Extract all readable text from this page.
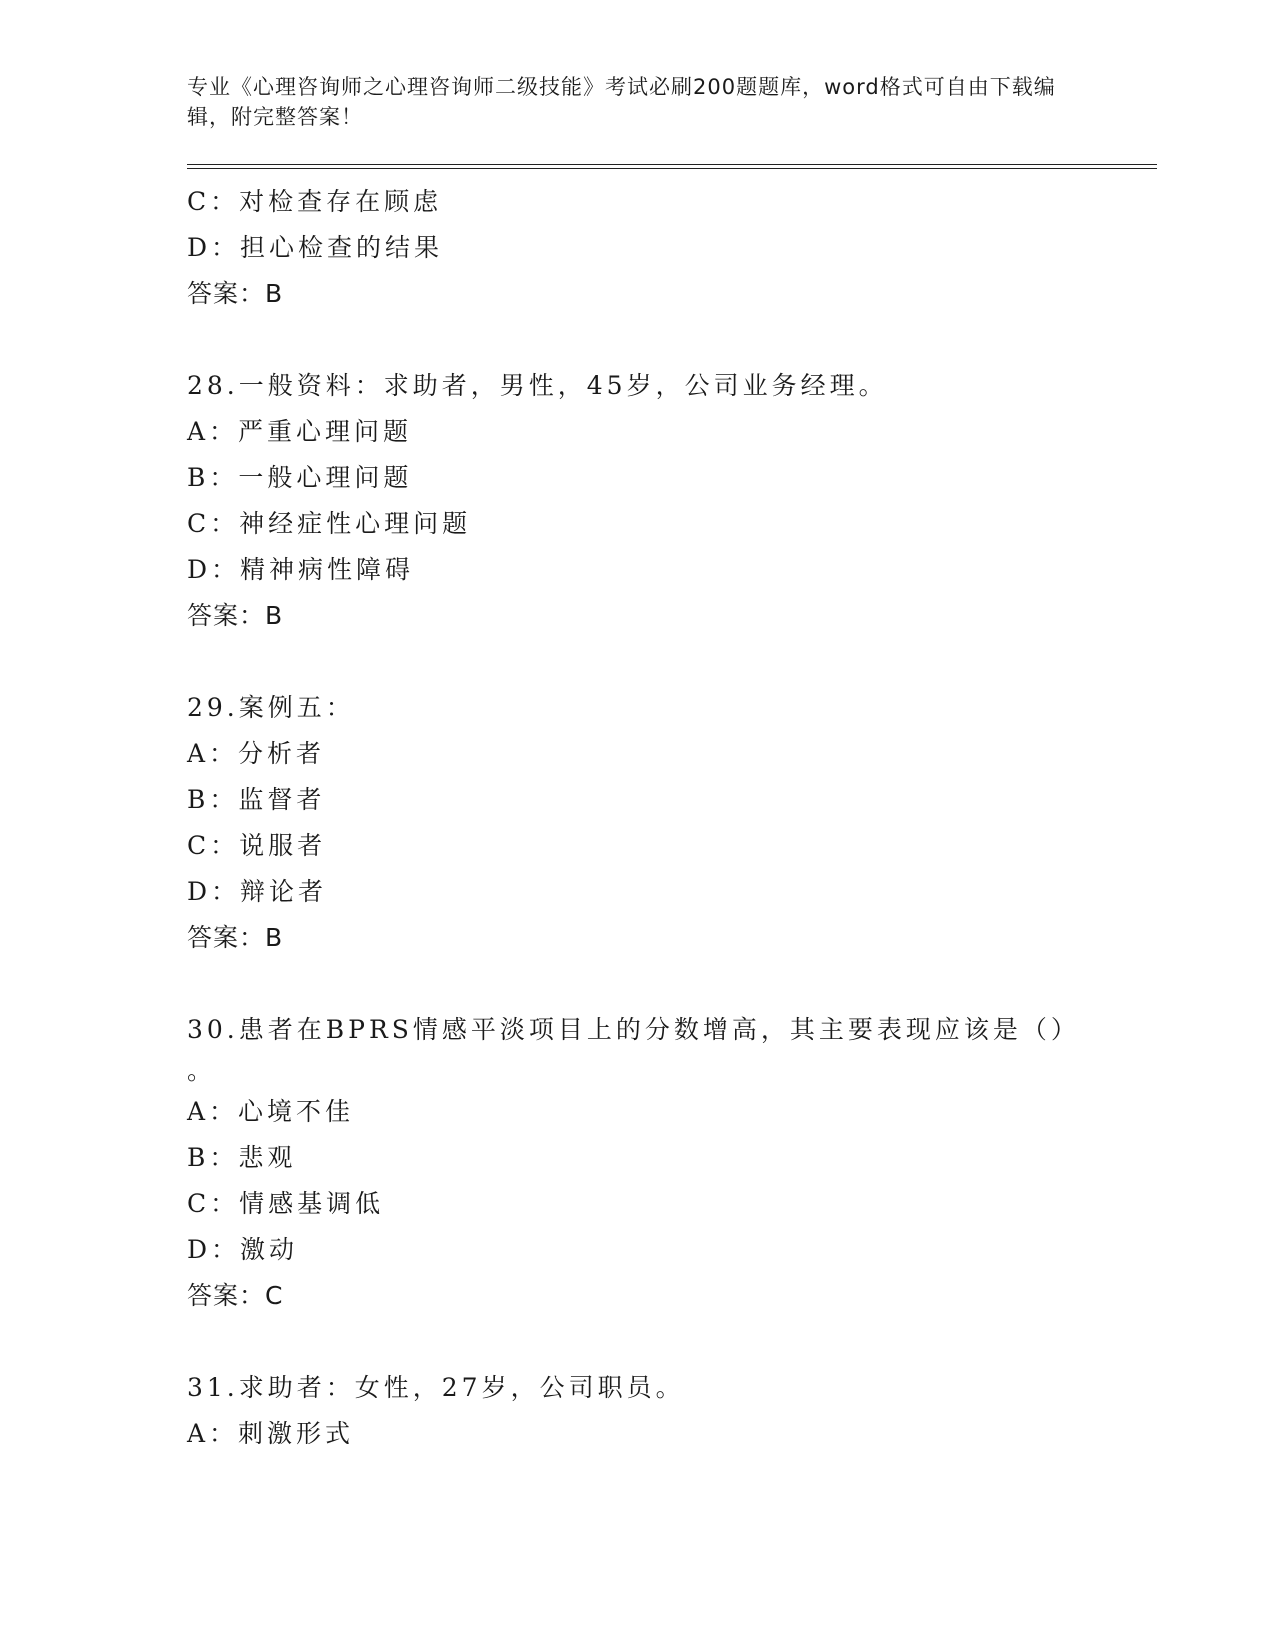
专业《心理咨询师之心理咨询师二级技能》考试必刷200题题库，word格式可自由下载编辑，附完整答案！

C：对检查存在顾虑
D：担心检查的结果
答案：B
28.一般资料：求助者，男性，45岁，公司业务经理。
A：严重心理问题
B：一般心理问题
C：神经症性心理问题
D：精神病性障碍
答案：B
29.案例五：
A：分析者
B：监督者
C：说服者
D：辩论者
答案：B
30.患者在BPRS情感平淡项目上的分数增高，其主要表现应该是（）
。
A：心境不佳
B：悲观
C：情感基调低
D：激动
答案：C
31.求助者：女性，27岁，公司职员。
A：刺激形式
